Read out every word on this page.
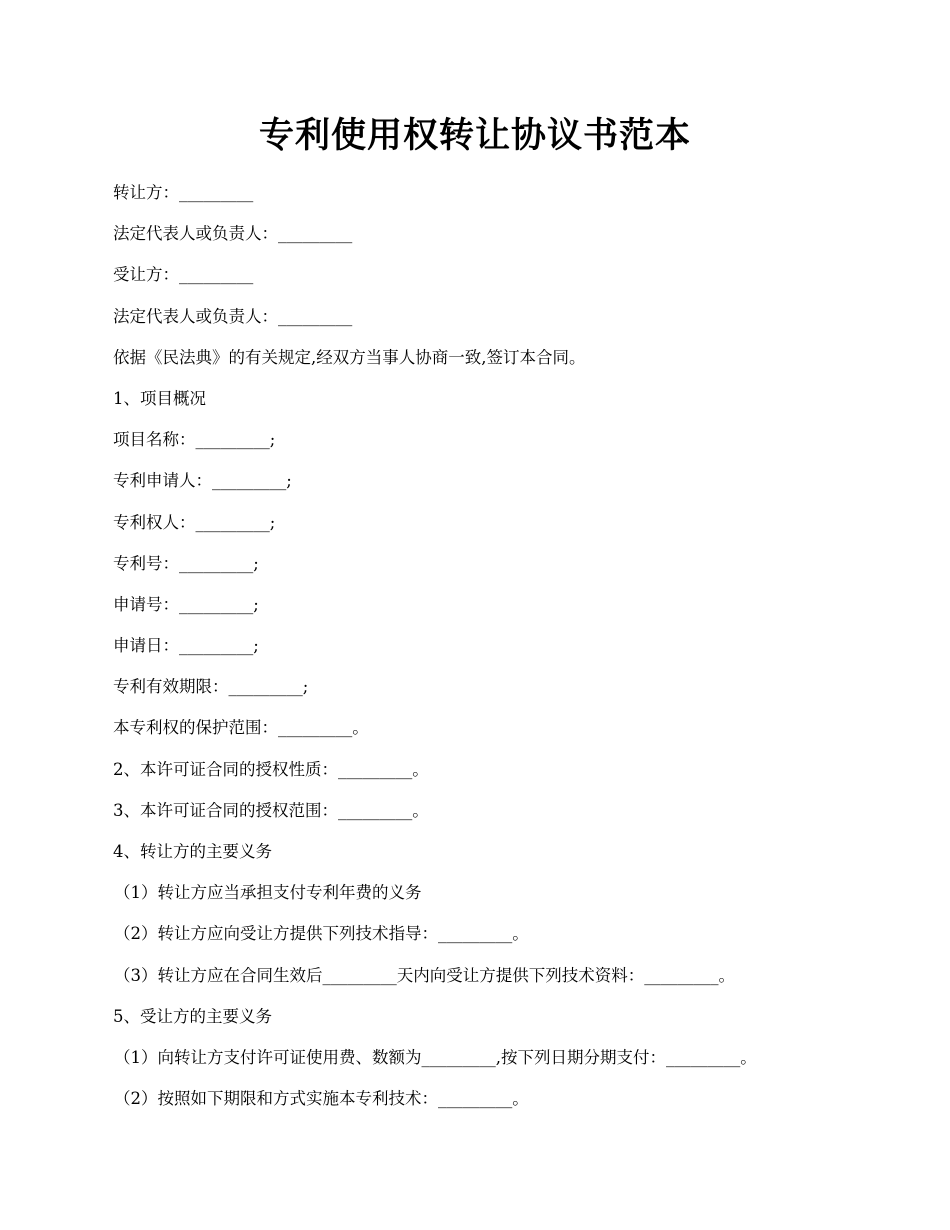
专利使用权转让协议书范本
转让方：_________
法定代表人或负责人：_________
受让方：_________
法定代表人或负责人：_________
依据《民法典》的有关规定,经双方当事人协商一致,签订本合同。
1、项目概况
项目名称：_________;
专利申请人：_________;
专利权人：_________;
专利号：_________;
申请号：_________;
申请日：_________;
专利有效期限：_________;
本专利权的保护范围：_________。
2、本许可证合同的授权性质：_________。
3、本许可证合同的授权范围：_________。
4、转让方的主要义务
（1）转让方应当承担支付专利年费的义务
（2）转让方应向受让方提供下列技术指导：_________。
（3）转让方应在合同生效后_________天内向受让方提供下列技术资料：_________。
5、受让方的主要义务
（1）向转让方支付许可证使用费、数额为_________,按下列日期分期支付：_________。
（2）按照如下期限和方式实施本专利技术：_________。
